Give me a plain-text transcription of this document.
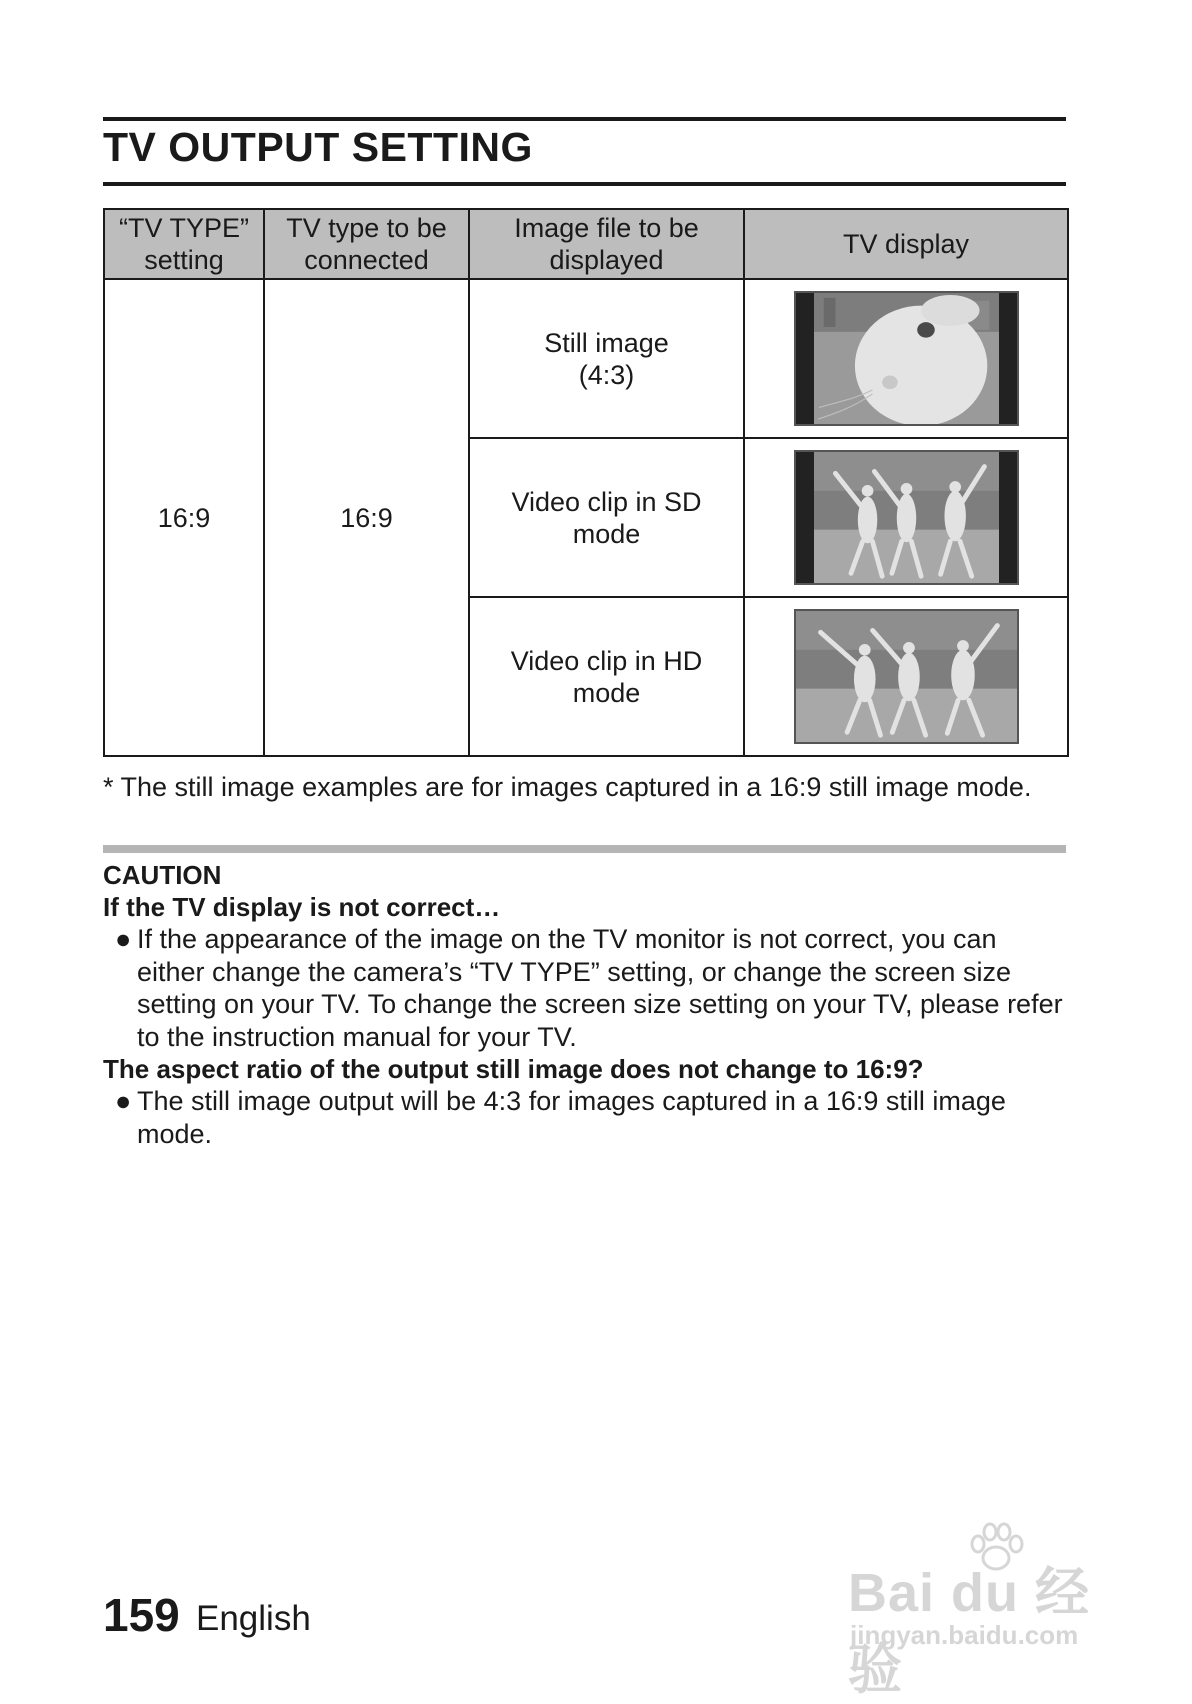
TV OUTPUT SETTING
“TV TYPE” setting	TV type to be connected	Image file to be displayed	TV display
16:9	16:9	Still image (4:3)	

		Video clip in SD mode	

		Video clip in HD mode	
* The still image examples are for images captured in a 16:9 still image mode.
CAUTION
If the TV display is not correct…
● If the appearance of the image on the TV monitor is not correct, you can either change the camera’s “TV TYPE” setting, or change the screen size setting on your TV. To change the screen size setting on your TV, please refer to the instruction manual for your TV.
The aspect ratio of the output still image does not change to 16:9?
● The still image output will be 4:3 for images captured in a 16:9 still image mode.
159 English	Bai du 经验
jingyan.baidu.com
